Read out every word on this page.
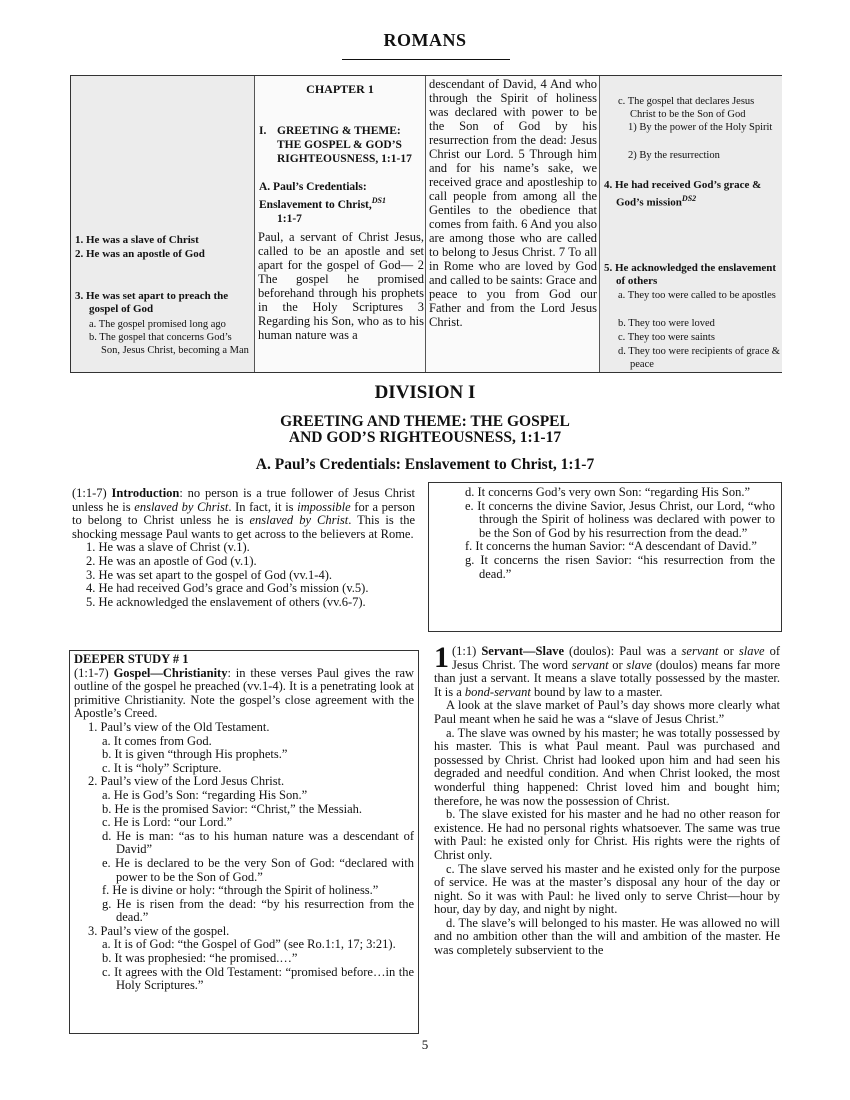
ROMANS
1. He was a slave of Christ
2. He was an apostle of God
3. He was set apart to preach the gospel of God
a. The gospel promised long ago
b. The gospel that concerns God’s Son, Jesus Christ, becoming a Man
CHAPTER 1
I. GREETING & THEME: THE GOSPEL & GOD’S RIGHTEOUSNESS, 1:1-17
A. Paul’s Credentials: Enslavement to Christ,$^{DS1}$
1:1-7
Paul, a servant of Christ Jesus, called to be an apostle and set apart for the gospel of God— 2 The gospel he promised beforehand through his prophets in the Holy Scriptures 3 Regarding his Son, who as to his human nature was a
descendant of David, 4 And who through the Spirit of holiness was declared with power to be the Son of God by his resurrection from the dead: Jesus Christ our Lord. 5 Through him and for his name’s sake, we received grace and apostleship to call people from among all the Gentiles to the obedience that comes from faith. 6 And you also are among those who are called to belong to Jesus Christ. 7 To all in Rome who are loved by God and called to be saints: Grace and peace to you from God our Father and from the Lord Jesus Christ.
c. The gospel that declares Jesus Christ to be the Son of God
1) By the power of the Holy Spirit
2) By the resurrection
4. He had received God’s grace & God’s mission$^{DS2}$
5. He acknowledged the enslavement of others
a. They too were called to be apostles
b. They too were loved
c. They too were saints
d. They too were recipients of grace & peace
DIVISION I
GREETING AND THEME: THE GOSPEL
AND GOD’S RIGHTEOUSNESS, 1:1-17
A. Paul’s Credentials: Enslavement to Christ, 1:1-7

(1:1-7) Introduction: no person is a true follower of Jesus Christ unless he is enslaved by Christ. In fact, it is impossible for a person to belong to Christ unless he is enslaved by Christ. This is the shocking message Paul wants to get across to the believers at Rome.

1. He was a slave of Christ (v.1).

2. He was an apostle of God (v.1).

3. He was set apart to the gospel of God (vv.1-4).

4. He had received God’s grace and God’s mission (v.5).

5. He acknowledged the enslavement of others (vv.6-7).

d. It concerns God’s very own Son: “regarding His Son.”

e. It concerns the divine Savior, Jesus Christ, our Lord, “who through the Spirit of holiness was declared with power to be the Son of God by his resurrection from the dead.”

f. It concerns the human Savior: “A descendant of David.”

g. It concerns the risen Savior: “his resurrection from the dead.”

DEEPER STUDY # 1

(1:1-7) Gospel—Christianity: in these verses Paul gives the raw outline of the gospel he preached (vv.1-4). It is a penetrating look at primitive Christianity. Note the gospel’s close agreement with the Apostle’s Creed.

1. Paul’s view of the Old Testament.

a. It comes from God.

b. It is given “through His prophets.”

c. It is “holy” Scripture.

2. Paul’s view of the Lord Jesus Christ.

a. He is God’s Son: “regarding His Son.”

b. He is the promised Savior: “Christ,” the Messiah.

c. He is Lord: “our Lord.”

d. He is man: “as to his human nature was a descendant of David”

e. He is declared to be the very Son of God: “declared with power to be the Son of God.”

f. He is divine or holy: “through the Spirit of holiness.”

g. He is risen from the dead: “by his resurrection from the dead.”

3. Paul’s view of the gospel.

a. It is of God: “the Gospel of God” (see Ro.1:1, 17; 3:21).

b. It was prophesied: “he promised.…”

c. It agrees with the Old Testament: “promised before…in the Holy Scriptures.”

1 (1:1) Servant—Slave (doulos): Paul was a servant or slave of Jesus Christ. The word servant or slave (doulos) means far more than just a servant. It means a slave totally possessed by the master. It is a bond-servant bound by law to a master.

A look at the slave market of Paul’s day shows more clearly what Paul meant when he said he was a “slave of Jesus Christ.”

a. The slave was owned by his master; he was totally possessed by his master. This is what Paul meant. Paul was purchased and possessed by Christ. Christ had looked upon him and had seen his degraded and needful condition. And when Christ looked, the most wonderful thing happened: Christ loved him and bought him; therefore, he was now the possession of Christ.

b. The slave existed for his master and he had no other reason for existence. He had no personal rights whatsoever. The same was true with Paul: he existed only for Christ. His rights were the rights of Christ only.

c. The slave served his master and he existed only for the purpose of service. He was at the master’s disposal any hour of the day or night. So it was with Paul: he lived only to serve Christ—hour by hour, day by day, and night by night.

d. The slave’s will belonged to his master. He was allowed no will and no ambition other than the will and ambition of the master. He was completely subservient to the

5
